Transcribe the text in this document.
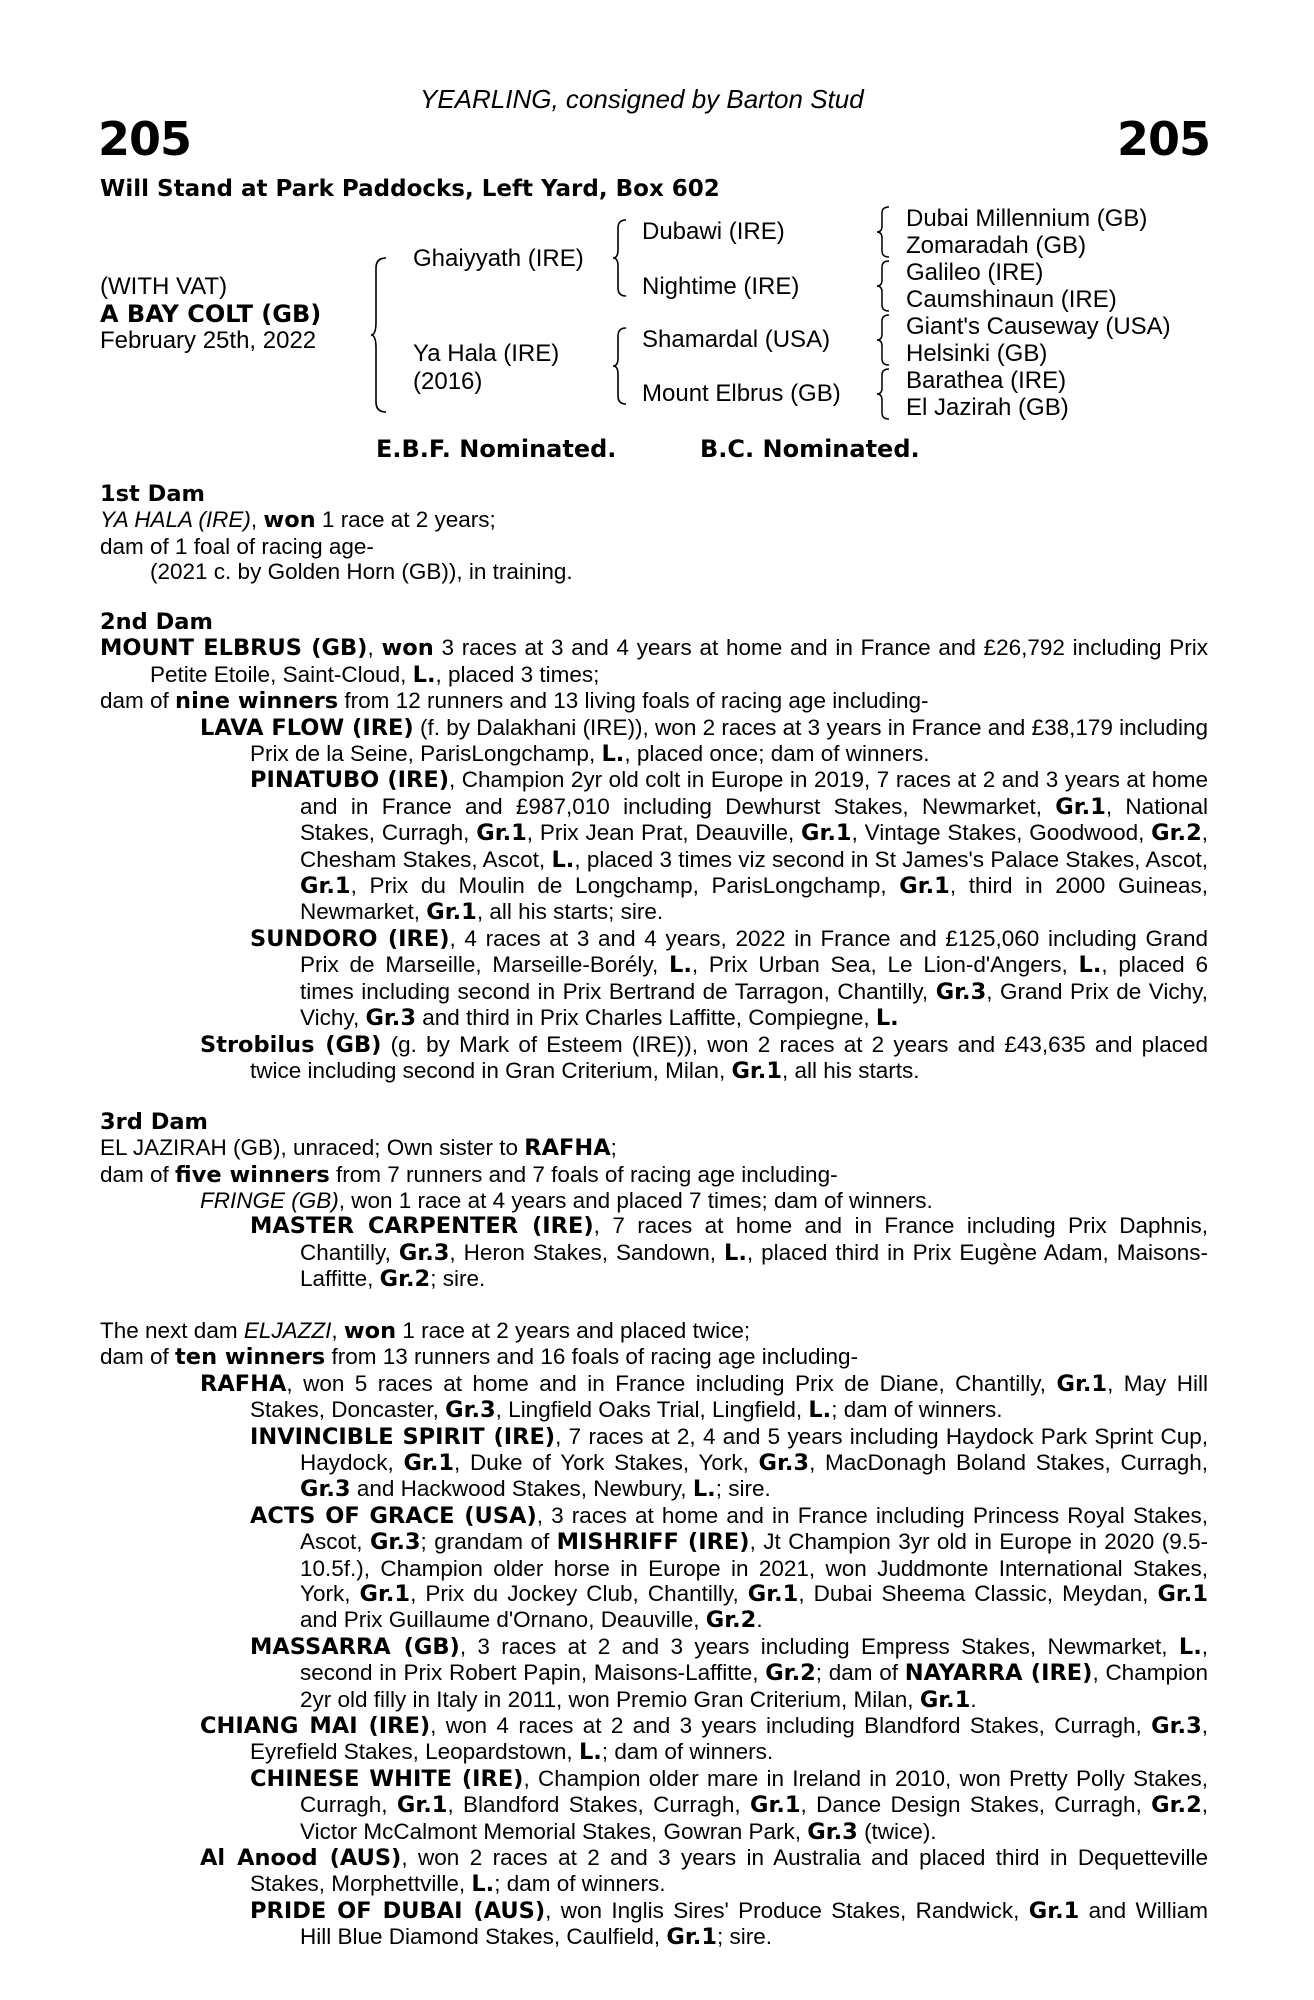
YEARLING, consigned by Barton Stud
205	205
Will Stand at Park Paddocks, Left Yard, Box 602
(WITH VAT)
A BAY COLT (GB)
February 25th, 2022
Ghaiyyath (IRE)
Ya Hala (IRE)
(2016)
Dubawi (IRE)
Nightime (IRE)
Shamardal (USA)
Mount Elbrus (GB)
Dubai Millennium (GB)
Zomaradah (GB)
Galileo (IRE)
Caumshinaun (IRE)
Giant's Causeway (USA)
Helsinki (GB)
Barathea (IRE)
El Jazirah (GB)
E.B.F. Nominated.	B.C. Nominated.

1st Dam

YA HALA (IRE), won 1 race at 2 years;

dam of 1 foal of racing age-

(2021 c. by Golden Horn (GB)), in training.

2nd Dam

MOUNT ELBRUS (GB), won 3 races at 3 and 4 years at home and in France and £26,792 including Prix Petite Etoile, Saint-Cloud, L., placed 3 times;

dam of nine winners from 12 runners and 13 living foals of racing age including-

LAVA FLOW (IRE) (f. by Dalakhani (IRE)), won 2 races at 3 years in France and £38,179 including Prix de la Seine, ParisLongchamp, L., placed once; dam of winners.

PINATUBO (IRE), Champion 2yr old colt in Europe in 2019, 7 races at 2 and 3 years at home and in France and £987,010 including Dewhurst Stakes, Newmarket, Gr.1, National Stakes, Curragh, Gr.1, Prix Jean Prat, Deauville, Gr.1, Vintage Stakes, Goodwood, Gr.2, Chesham Stakes, Ascot, L., placed 3 times viz second in St James's Palace Stakes, Ascot, Gr.1, Prix du Moulin de Longchamp, ParisLongchamp, Gr.1, third in 2000 Guineas, Newmarket, Gr.1, all his starts; sire.

SUNDORO (IRE), 4 races at 3 and 4 years, 2022 in France and £125,060 including Grand Prix de Marseille, Marseille-Borély, L., Prix Urban Sea, Le Lion-d'Angers, L., placed 6 times including second in Prix Bertrand de Tarragon, Chantilly, Gr.3, Grand Prix de Vichy, Vichy, Gr.3 and third in Prix Charles Laffitte, Compiegne, L.

Strobilus (GB) (g. by Mark of Esteem (IRE)), won 2 races at 2 years and £43,635 and placed twice including second in Gran Criterium, Milan, Gr.1, all his starts.

3rd Dam

EL JAZIRAH (GB), unraced; Own sister to RAFHA;

dam of five winners from 7 runners and 7 foals of racing age including-

FRINGE (GB), won 1 race at 4 years and placed 7 times; dam of winners.

MASTER CARPENTER (IRE), 7 races at home and in France including Prix Daphnis, Chantilly, Gr.3, Heron Stakes, Sandown, L., placed third in Prix Eugène Adam, Maisons-Laffitte, Gr.2; sire.

The next dam ELJAZZI, won 1 race at 2 years and placed twice;

dam of ten winners from 13 runners and 16 foals of racing age including-

RAFHA, won 5 races at home and in France including Prix de Diane, Chantilly, Gr.1, May Hill Stakes, Doncaster, Gr.3, Lingfield Oaks Trial, Lingfield, L.; dam of winners.

INVINCIBLE SPIRIT (IRE), 7 races at 2, 4 and 5 years including Haydock Park Sprint Cup, Haydock, Gr.1, Duke of York Stakes, York, Gr.3, MacDonagh Boland Stakes, Curragh, Gr.3 and Hackwood Stakes, Newbury, L.; sire.

ACTS OF GRACE (USA), 3 races at home and in France including Princess Royal Stakes, Ascot, Gr.3; grandam of MISHRIFF (IRE), Jt Champion 3yr old in Europe in 2020 (9.5-10.5f.), Champion older horse in Europe in 2021, won Juddmonte International Stakes, York, Gr.1, Prix du Jockey Club, Chantilly, Gr.1, Dubai Sheema Classic, Meydan, Gr.1 and Prix Guillaume d'Ornano, Deauville, Gr.2.

MASSARRA (GB), 3 races at 2 and 3 years including Empress Stakes, Newmarket, L., second in Prix Robert Papin, Maisons-Laffitte, Gr.2; dam of NAYARRA (IRE), Champion 2yr old filly in Italy in 2011, won Premio Gran Criterium, Milan, Gr.1.

CHIANG MAI (IRE), won 4 races at 2 and 3 years including Blandford Stakes, Curragh, Gr.3, Eyrefield Stakes, Leopardstown, L.; dam of winners.

CHINESE WHITE (IRE), Champion older mare in Ireland in 2010, won Pretty Polly Stakes, Curragh, Gr.1, Blandford Stakes, Curragh, Gr.1, Dance Design Stakes, Curragh, Gr.2, Victor McCalmont Memorial Stakes, Gowran Park, Gr.3 (twice).

Al Anood (AUS), won 2 races at 2 and 3 years in Australia and placed third in Dequetteville Stakes, Morphettville, L.; dam of winners.

PRIDE OF DUBAI (AUS), won Inglis Sires' Produce Stakes, Randwick, Gr.1 and William Hill Blue Diamond Stakes, Caulfield, Gr.1; sire.
